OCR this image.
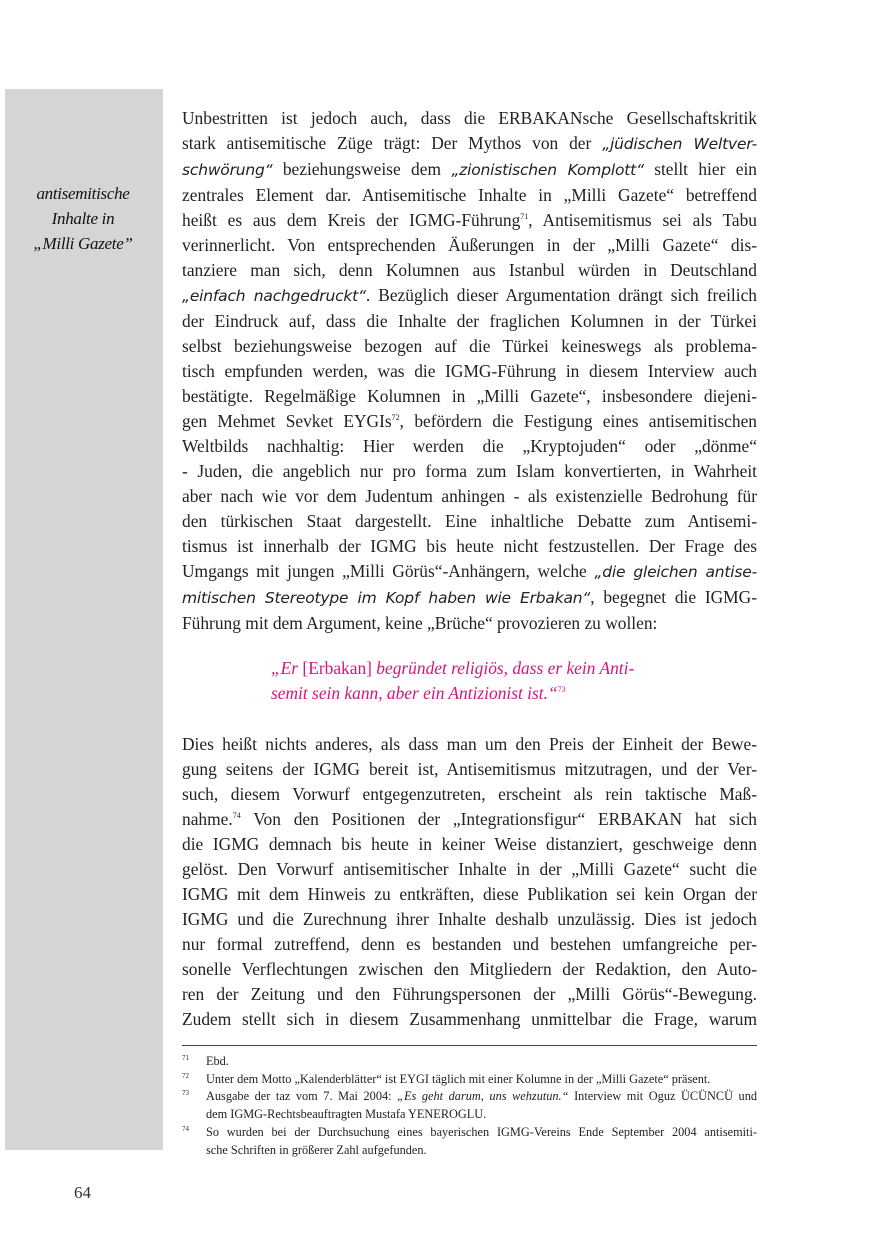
antisemitische
Inhalte in
„Milli Gazete”

Unbestritten ist jedoch auch, dass die ERBAKANsche Gesellschaftskritik
stark antisemitische Züge trägt: Der Mythos von der „jüdischen Weltver-
schwörung“ beziehungsweise dem „zionistischen Komplott“ stellt hier ein
zentrales Element dar. Antisemitische Inhalte in „Milli Gazete“ betreffend
heißt es aus dem Kreis der IGMG-Führung$^{71}$, Antisemitismus sei als Tabu
verinnerlicht. Von entsprechenden Äußerungen in der „Milli Gazete“ dis-
tanziere man sich, denn Kolumnen aus Istanbul würden in Deutschland
„einfach nachgedruckt“. Bezüglich dieser Argumentation drängt sich freilich
der Eindruck auf, dass die Inhalte der fraglichen Kolumnen in der Türkei
selbst beziehungsweise bezogen auf die Türkei keineswegs als problema-
tisch empfunden werden, was die IGMG-Führung in diesem Interview auch
bestätigte. Regelmäßige Kolumnen in „Milli Gazete“, insbesondere diejeni-
gen Mehmet Sevket EYGIs$^{72}$, befördern die Festigung eines antisemitischen
Weltbilds nachhaltig: Hier werden die „Kryptojuden“ oder „dönme“
- Juden, die angeblich nur pro forma zum Islam konvertierten, in Wahrheit
aber nach wie vor dem Judentum anhingen - als existenzielle Bedrohung für
den türkischen Staat dargestellt. Eine inhaltliche Debatte zum Antisemi-
tismus ist innerhalb der IGMG bis heute nicht festzustellen. Der Frage des
Umgangs mit jungen „Milli Görüs“-Anhängern, welche „die gleichen antise-
mitischen Stereotype im Kopf haben wie Erbakan“, begegnet die IGMG-
Führung mit dem Argument, keine „Brüche“ provozieren zu wollen:

„Er [Erbakan] begründet religiös, dass er kein Anti-
semit sein kann, aber ein Antizionist ist.“$^{73}$

Dies heißt nichts anderes, als dass man um den Preis der Einheit der Bewe-
gung seitens der IGMG bereit ist, Antisemitismus mitzutragen, und der Ver-
such, diesem Vorwurf entgegenzutreten, erscheint als rein taktische Maß-
nahme.$^{74}$ Von den Positionen der „Integrationsfigur“ ERBAKAN hat sich
die IGMG demnach bis heute in keiner Weise distanziert, geschweige denn
gelöst. Den Vorwurf antisemitischer Inhalte in der „Milli Gazete“ sucht die
IGMG mit dem Hinweis zu entkräften, diese Publikation sei kein Organ der
IGMG und die Zurechnung ihrer Inhalte deshalb unzulässig. Dies ist jedoch
nur formal zutreffend, denn es bestanden und bestehen umfangreiche per-
sonelle Verflechtungen zwischen den Mitgliedern der Redaktion, den Auto-
ren der Zeitung und den Führungspersonen der „Milli Görüs“-Bewegung.
Zudem stellt sich in diesem Zusammenhang unmittelbar die Frage, warum

71 Ebd.
72 Unter dem Motto „Kalenderblätter“ ist EYGI täglich mit einer Kolumne in der „Milli Gazete“ präsent.
73 Ausgabe der taz vom 7. Mai 2004: „Es geht darum, uns wehzutun.“ Interview mit Oguz ÜCÜNCÜ und
dem IGMG-Rechtsbeauftragten Mustafa YENEROGLU.
74 So wurden bei der Durchsuchung eines bayerischen IGMG-Vereins Ende September 2004 antisemiti-
sche Schriften in größerer Zahl aufgefunden.
64
